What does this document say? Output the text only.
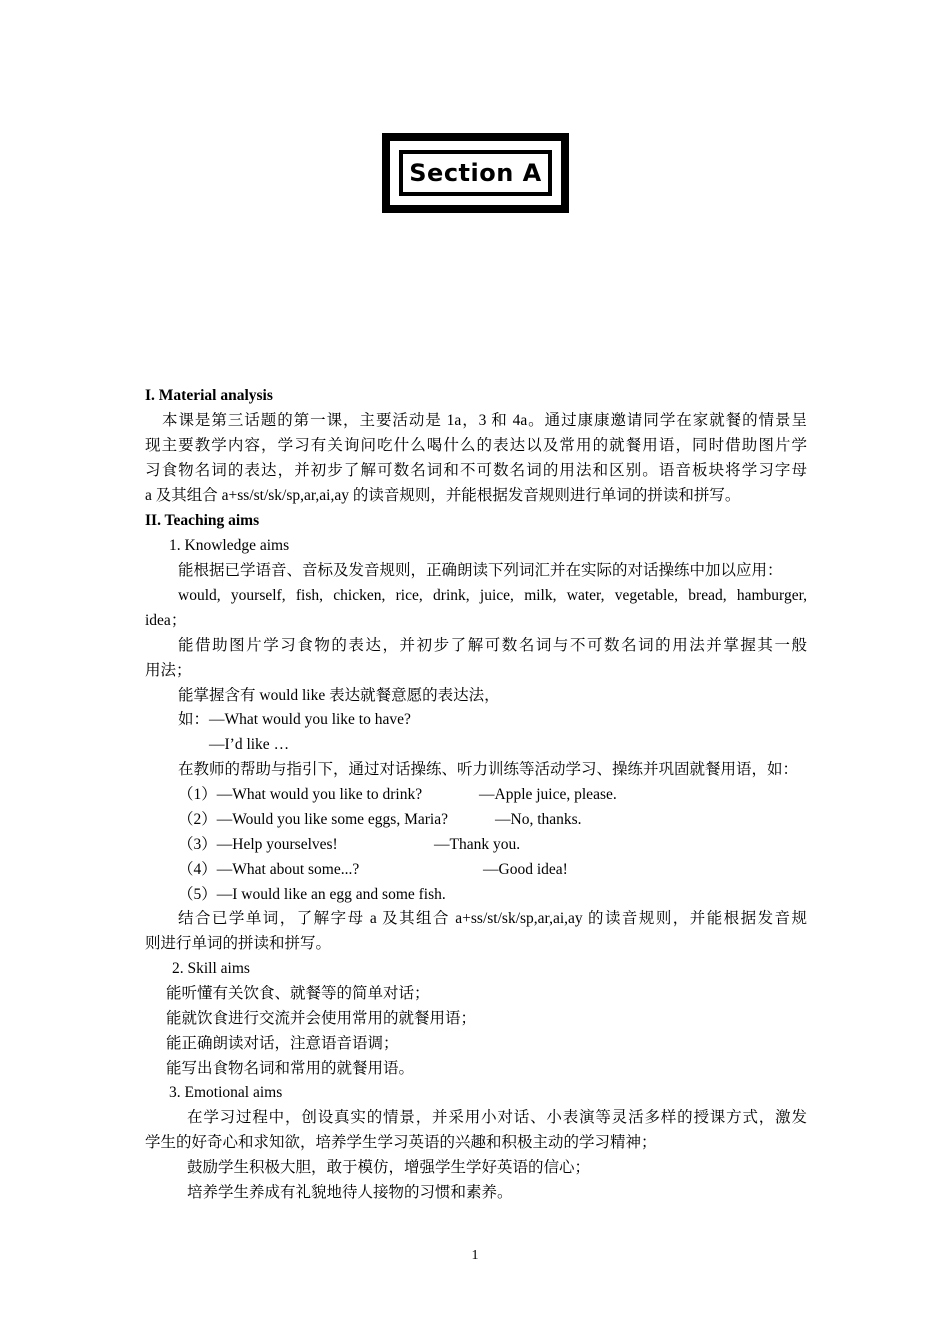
Section A
I. Material analysis
本课是第三话题的第一课，主要活动是 1a，3 和 4a。通过康康邀请同学在家就餐的情景呈
现主要教学内容，学习有关询问吃什么喝什么的表达以及常用的就餐用语，同时借助图片学
习食物名词的表达，并初步了解可数名词和不可数名词的用法和区别。语音板块将学习字母
a 及其组合 a+ss/st/sk/sp,ar,ai,ay 的读音规则，并能根据发音规则进行单词的拼读和拼写。
II. Teaching aims
1. Knowledge aims
能根据已学语音、音标及发音规则，正确朗读下列词汇并在实际的对话操练中加以应用：
would, yourself, fish, chicken, rice, drink, juice, milk, water, vegetable, bread, hamburger,
idea；
能借助图片学习食物的表达，并初步了解可数名词与不可数名词的用法并掌握其一般
用法；
能掌握含有 would like 表达就餐意愿的表达法，
如：—What would you like to have?
—I’d like …
在教师的帮助与指引下，通过对话操练、听力训练等活动学习、操练并巩固就餐用语，如：
（1）—What would you like to drink?	—Apple juice, please.
（2）—Would you like some eggs, Maria?	—No, thanks.
（3）—Help yourselves!	—Thank you.
（4）—What about some...?	—Good idea!
（5）—I would like an egg and some fish.
结合已学单词，了解字母 a 及其组合 a+ss/st/sk/sp,ar,ai,ay 的读音规则，并能根据发音规
则进行单词的拼读和拼写。
2. Skill aims
能听懂有关饮食、就餐等的简单对话；
能就饮食进行交流并会使用常用的就餐用语；
能正确朗读对话，注意语音语调；
能写出食物名词和常用的就餐用语。
3. Emotional aims
在学习过程中，创设真实的情景，并采用小对话、小表演等灵活多样的授课方式，激发
学生的好奇心和求知欲，培养学生学习英语的兴趣和积极主动的学习精神；
鼓励学生积极大胆，敢于模仿，增强学生学好英语的信心；
培养学生养成有礼貌地待人接物的习惯和素养。
1
